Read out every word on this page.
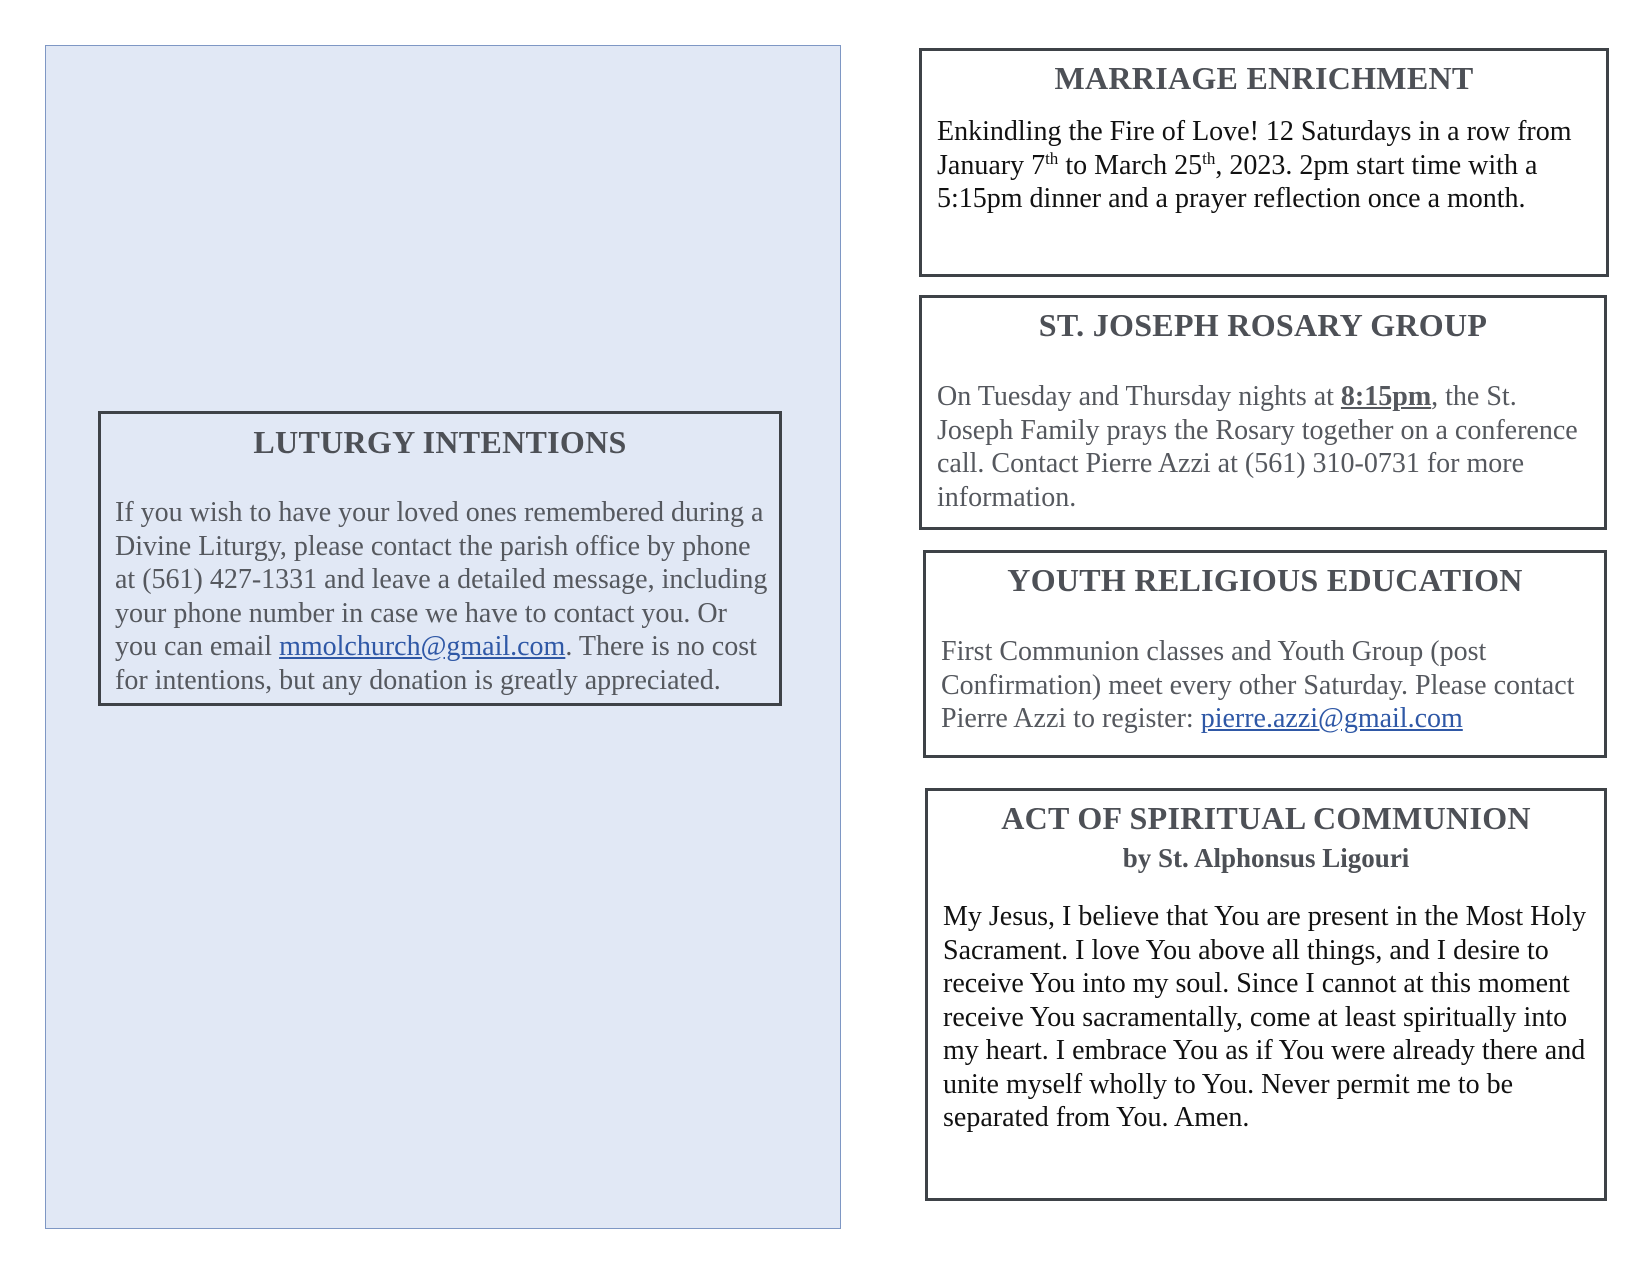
LUTURGY INTENTIONS

If you wish to have your loved ones remembered during a Divine Liturgy, please contact the parish office by phone at (561) 427-1331 and leave a detailed message, including your phone number in case we have to contact you. Or you can email mmolchurch@gmail.com. There is no cost for intentions, but any donation is greatly appreciated.

MARRIAGE ENRICHMENT

Enkindling the Fire of Love! 12 Saturdays in a row from January 7th to March 25th, 2023. 2pm start time with a 5:15pm dinner and a prayer reflection once a month.

ST. JOSEPH ROSARY GROUP

On Tuesday and Thursday nights at 8:15pm, the St. Joseph Family prays the Rosary together on a conference call. Contact Pierre Azzi at (561) 310-0731 for more information.

YOUTH RELIGIOUS EDUCATION

First Communion classes and Youth Group (post Confirmation) meet every other Saturday. Please contact Pierre Azzi to register: pierre.azzi@gmail.com

ACT OF SPIRITUAL COMMUNION
by St. Alphonsus Ligouri

My Jesus, I believe that You are present in the Most Holy Sacrament. I love You above all things, and I desire to receive You into my soul. Since I cannot at this moment receive You sacramentally, come at least spiritually into my heart. I embrace You as if You were already there and unite myself wholly to You. Never permit me to be separated from You. Amen.
